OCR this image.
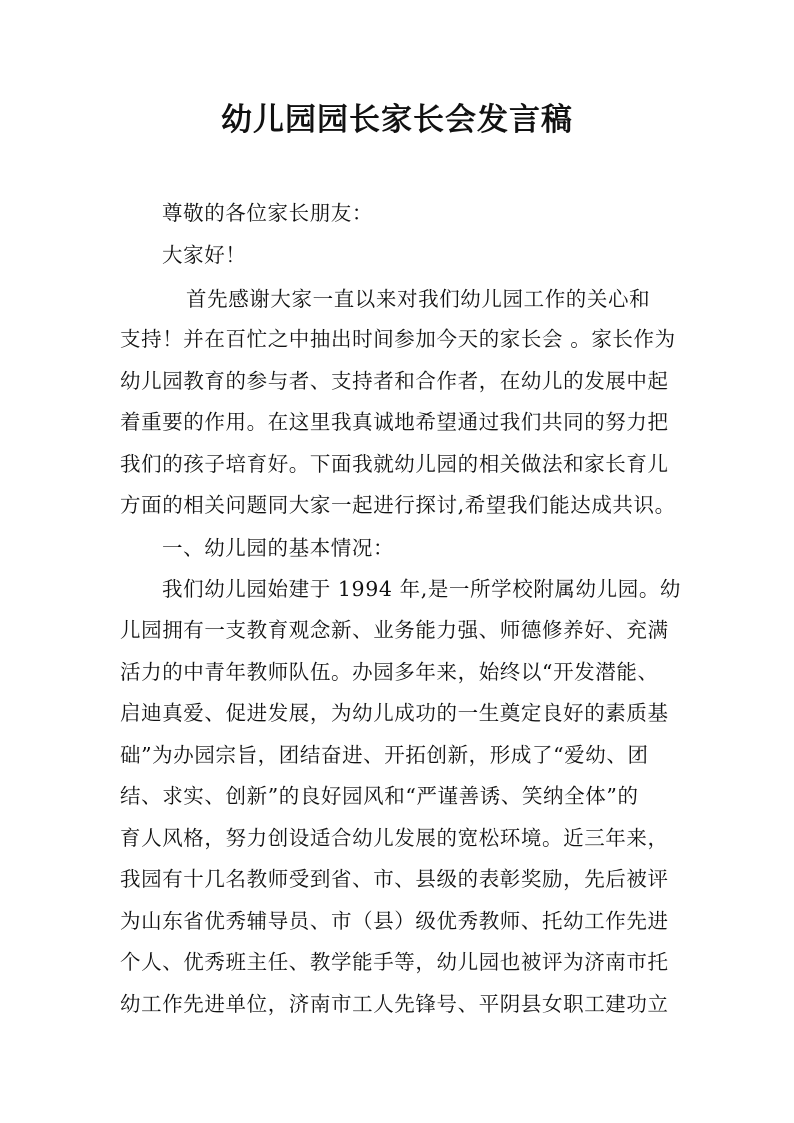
幼儿园园长家长会发言稿
尊敬的各位家长朋友：
大家好！
首先感谢大家一直以来对我们幼儿园工作的关心和
支持！并在百忙之中抽出时间参加今天的家长会 。家长作为
幼儿园教育的参与者、支持者和合作者，在幼儿的发展中起
着重要的作用。在这里我真诚地希望通过我们共同的努力把
我们的孩子培育好。下面我就幼儿园的相关做法和家长育儿
方面的相关问题同大家一起进行探讨,希望我们能达成共识。
一、幼儿园的基本情况：
我们幼儿园始建于 1994 年,是一所学校附属幼儿园。幼
儿园拥有一支教育观念新、业务能力强、师德修养好、充满
活力的中青年教师队伍。办园多年来，始终以“开发潜能、
启迪真爱、促进发展，为幼儿成功的一生奠定良好的素质基
础”为办园宗旨，团结奋进、开拓创新，形成了“爱幼、团
结、求实、创新”的良好园风和“严谨善诱、笑纳全体”的
育人风格，努力创设适合幼儿发展的宽松环境。近三年来，
我园有十几名教师受到省、市、县级的表彰奖励，先后被评
为山东省优秀辅导员、市（县）级优秀教师、托幼工作先进
个人、优秀班主任、教学能手等，幼儿园也被评为济南市托
幼工作先进单位，济南市工人先锋号、平阴县女职工建功立
